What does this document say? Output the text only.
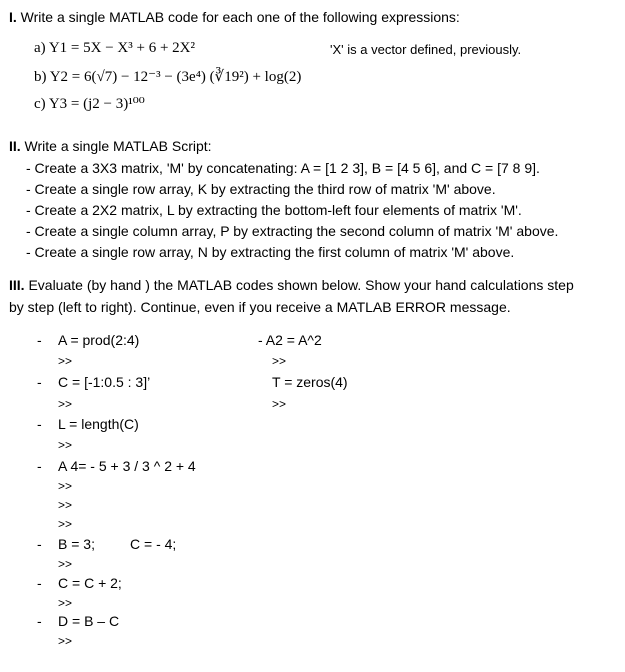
I. Write a single MATLAB code for each one of the following expressions:
a) Y1 = 5X − X³ + 6 + 2X²	'X' is a vector defined, previously.
b) Y2 = 6(√7) − 12⁻³ − (3e⁴) (∛19²) + log(2)
c) Y3 = (j2 − 3)¹⁰⁰
II. Write a single MATLAB Script:
- Create a 3X3 matrix, 'M' by concatenating: A = [1 2 3], B = [4 5 6], and C = [7 8 9].
- Create a single row array, K by extracting the third row of matrix 'M' above.
- Create a 2X2 matrix, L by extracting the bottom-left four elements of matrix 'M'.
- Create a single column array, P by extracting the second column of matrix 'M' above.
- Create a single row array, N by extracting the first column of matrix 'M' above.
III. Evaluate (by hand ) the MATLAB codes shown below. Show your hand calculations step
by step (left to right). Continue, even if you receive a MATLAB ERROR message.
- A = prod(2:4)
>>
- C = [-1:0.5 : 3]’
>>
- L = length(C)
>>
- A 4= - 5 + 3 / 3 ^ 2 + 4
>>
>>
>>
- B = 3;	C = - 4;
>>
- C = C + 2;
>>
- D = B – C
>>
- A2 = A^2
>>
T = zeros(4)
>>
